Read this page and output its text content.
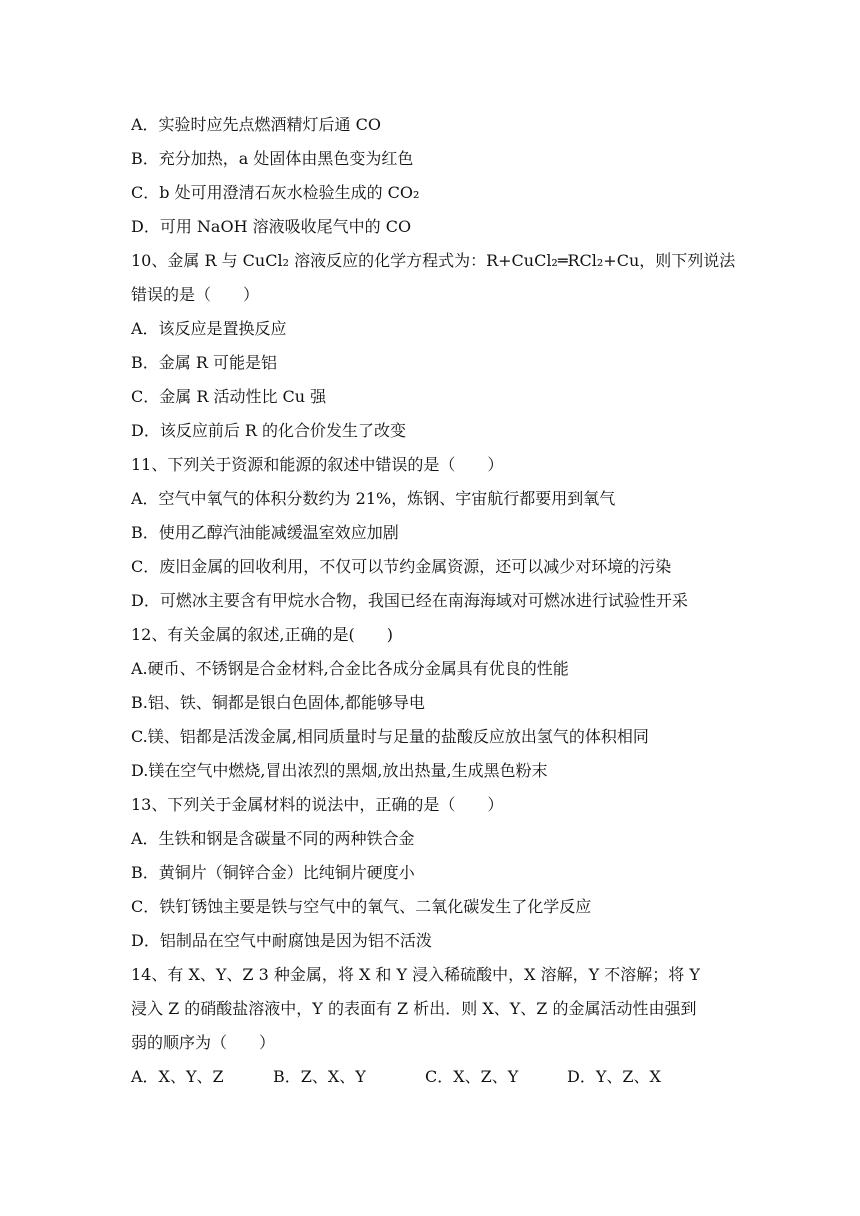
A．实验时应先点燃酒精灯后通 CO
B．充分加热，a 处固体由黑色变为红色
C．b 处可用澄清石灰水检验生成的 CO₂
D．可用 NaOH 溶液吸收尾气中的 CO
10、金属 R 与 CuCl₂ 溶液反应的化学方程式为：R+CuCl₂═RCl₂+Cu，则下列说法
错误的是（　　）
A．该反应是置换反应
B．金属 R 可能是铝
C．金属 R 活动性比 Cu 强
D．该反应前后 R 的化合价发生了改变
11、下列关于资源和能源的叙述中错误的是（　　）
A．空气中氧气的体积分数约为 21%，炼钢、宇宙航行都要用到氧气
B．使用乙醇汽油能减缓温室效应加剧
C．废旧金属的回收利用，不仅可以节约金属资源，还可以减少对环境的污染
D．可燃冰主要含有甲烷水合物，我国已经在南海海域对可燃冰进行试验性开采
12、有关金属的叙述,正确的是(　　)
A.硬币、不锈钢是合金材料,合金比各成分金属具有优良的性能
B.铝、铁、铜都是银白色固体,都能够导电
C.镁、铝都是活泼金属,相同质量时与足量的盐酸反应放出氢气的体积相同
D.镁在空气中燃烧,冒出浓烈的黑烟,放出热量,生成黑色粉末
13、下列关于金属材料的说法中，正确的是（　　）
A．生铁和钢是含碳量不同的两种铁合金
B．黄铜片（铜锌合金）比纯铜片硬度小
C．铁钉锈蚀主要是铁与空气中的氧气、二氧化碳发生了化学反应
D．铝制品在空气中耐腐蚀是因为铝不活泼
14、有 X、Y、Z 3 种金属，将 X 和 Y 浸入稀硫酸中，X 溶解，Y 不溶解；将 Y
浸入 Z 的硝酸盐溶液中，Y 的表面有 Z 析出．则 X、Y、Z 的金属活动性由强到
弱的顺序为（　　）
A．X、Y、Z	B．Z、X、Y	C．X、Z、Y	D．Y、Z、X
